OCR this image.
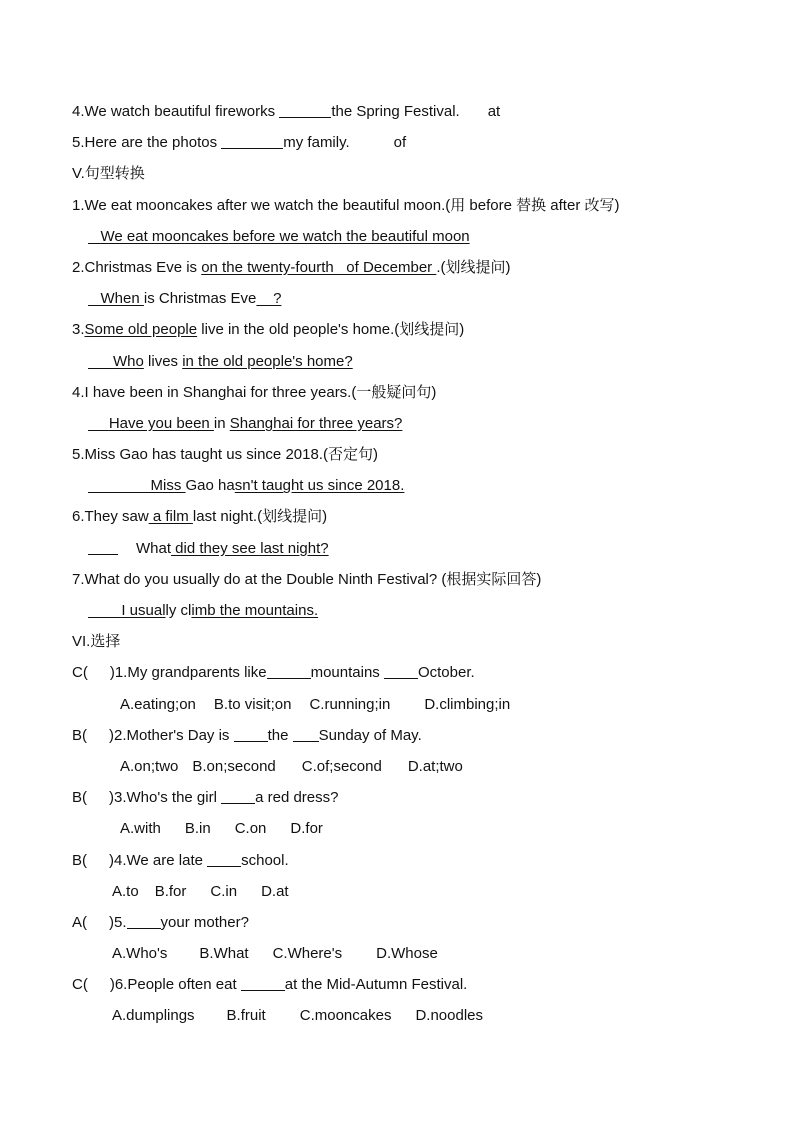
4.We watch beautiful fireworks	the Spring Festival. at
5.Here are the photos	my family.	of
V.句型转换
1.We eat mooncakes after we watch the beautiful moon.(用 before 替换 after 改写)
We eat mooncakes before we watch the beautiful moon
2.Christmas Eve is on the twenty-fourth   of December .(划线提问)
When is Christmas Eve ?
3.Some old people live in the old people's home.(划线提问)
Who lives in the old people's home?
4.I have been in Shanghai for three years.(一般疑问句)
Have you been in Shanghai for three years?
5.Miss Gao has taught us since 2018.(否定句)
Miss Gao hasn't taught us since 2018.
6.They saw a film last night.(划线提问)
What did they see last night?
7.What do you usually do at the Double Ninth Festival? (根据实际回答)
I usually climb the mountains.
VI.选择
C( )1.My grandparents like	mountains October.
A.eating;on B.to visit;on C.running;in D.climbing;in
B( )2.Mother's Day is the Sunday of May.
A.on;two B.on;second C.of;second D.at;two
B( )3.Who's the girl a red dress?
A.with B.in C.on D.for
B( )4.We are late school.
A.to B.for C.in D.at
A( )5. your mother?
A.Who's B.What C.Where's D.Whose
C( )6.People often eat	at the Mid-Autumn Festival.
A.dumplings B.fruit C.mooncakes D.noodles
